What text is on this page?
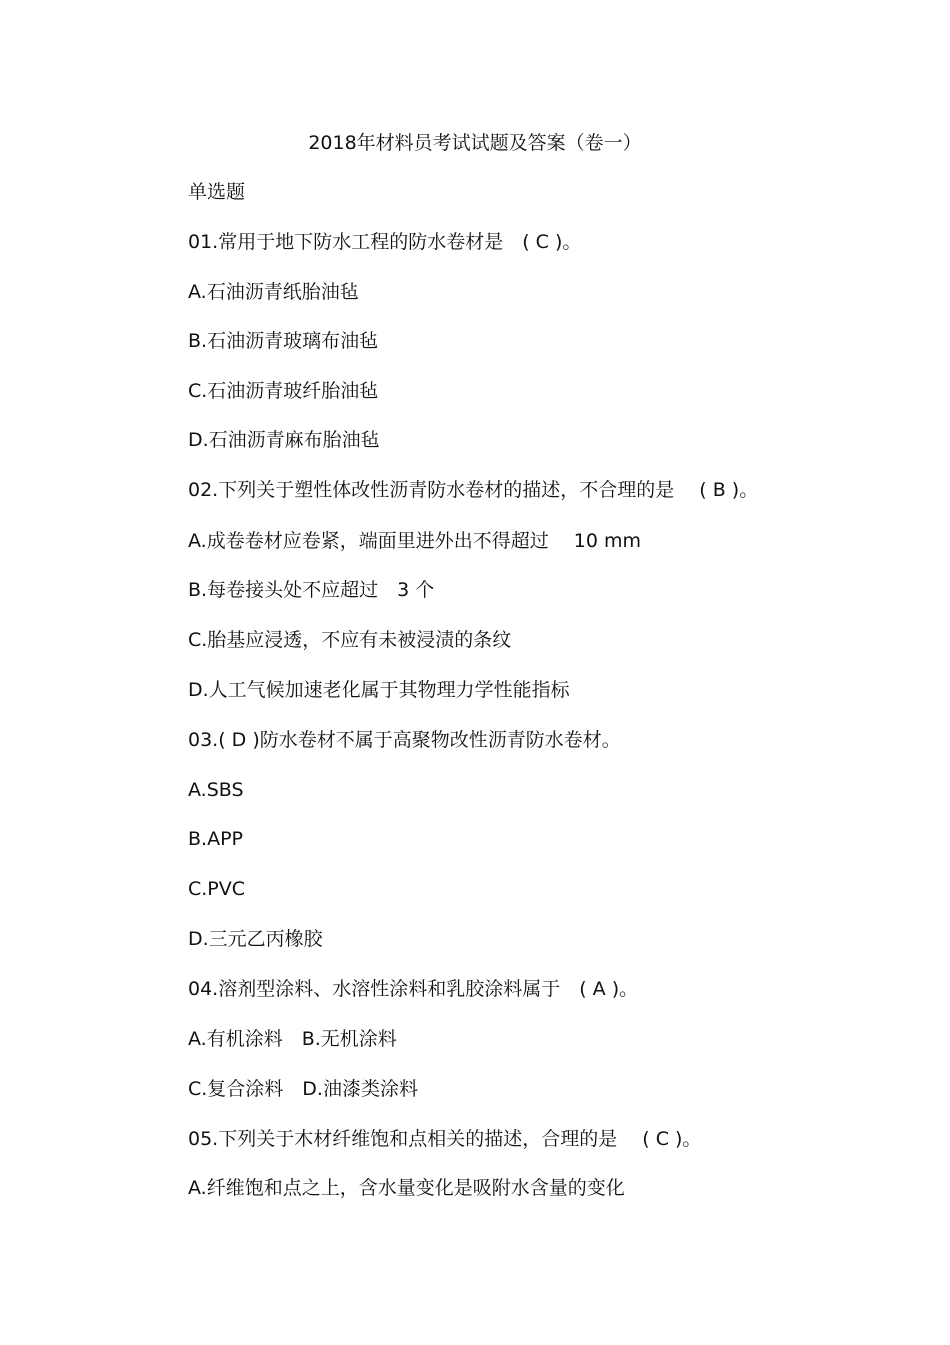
2018年材料员考试试题及答案（卷一）
单选题
01.常用于地下防水工程的防水卷材是　( C )。
A.石油沥青纸胎油毡
B.石油沥青玻璃布油毡
C.石油沥青玻纤胎油毡
D.石油沥青麻布胎油毡
02.下列关于塑性体改性沥青防水卷材的描述，不合理的是　 ( B )。
A.成卷卷材应卷紧，端面里进外出不得超过　 10 mm
B.每卷接头处不应超过　3 个
C.胎基应浸透，不应有未被浸渍的条纹
D.人工气候加速老化属于其物理力学性能指标
03.( D )防水卷材不属于高聚物改性沥青防水卷材。
A.SBS
B.APP
C.PVC
D.三元乙丙橡胶
04.溶剂型涂料、水溶性涂料和乳胶涂料属于　( A )。
A.有机涂料　B.无机涂料
C.复合涂料　D.油漆类涂料
05.下列关于木材纤维饱和点相关的描述，合理的是　 ( C )。
A.纤维饱和点之上，含水量变化是吸附水含量的变化
